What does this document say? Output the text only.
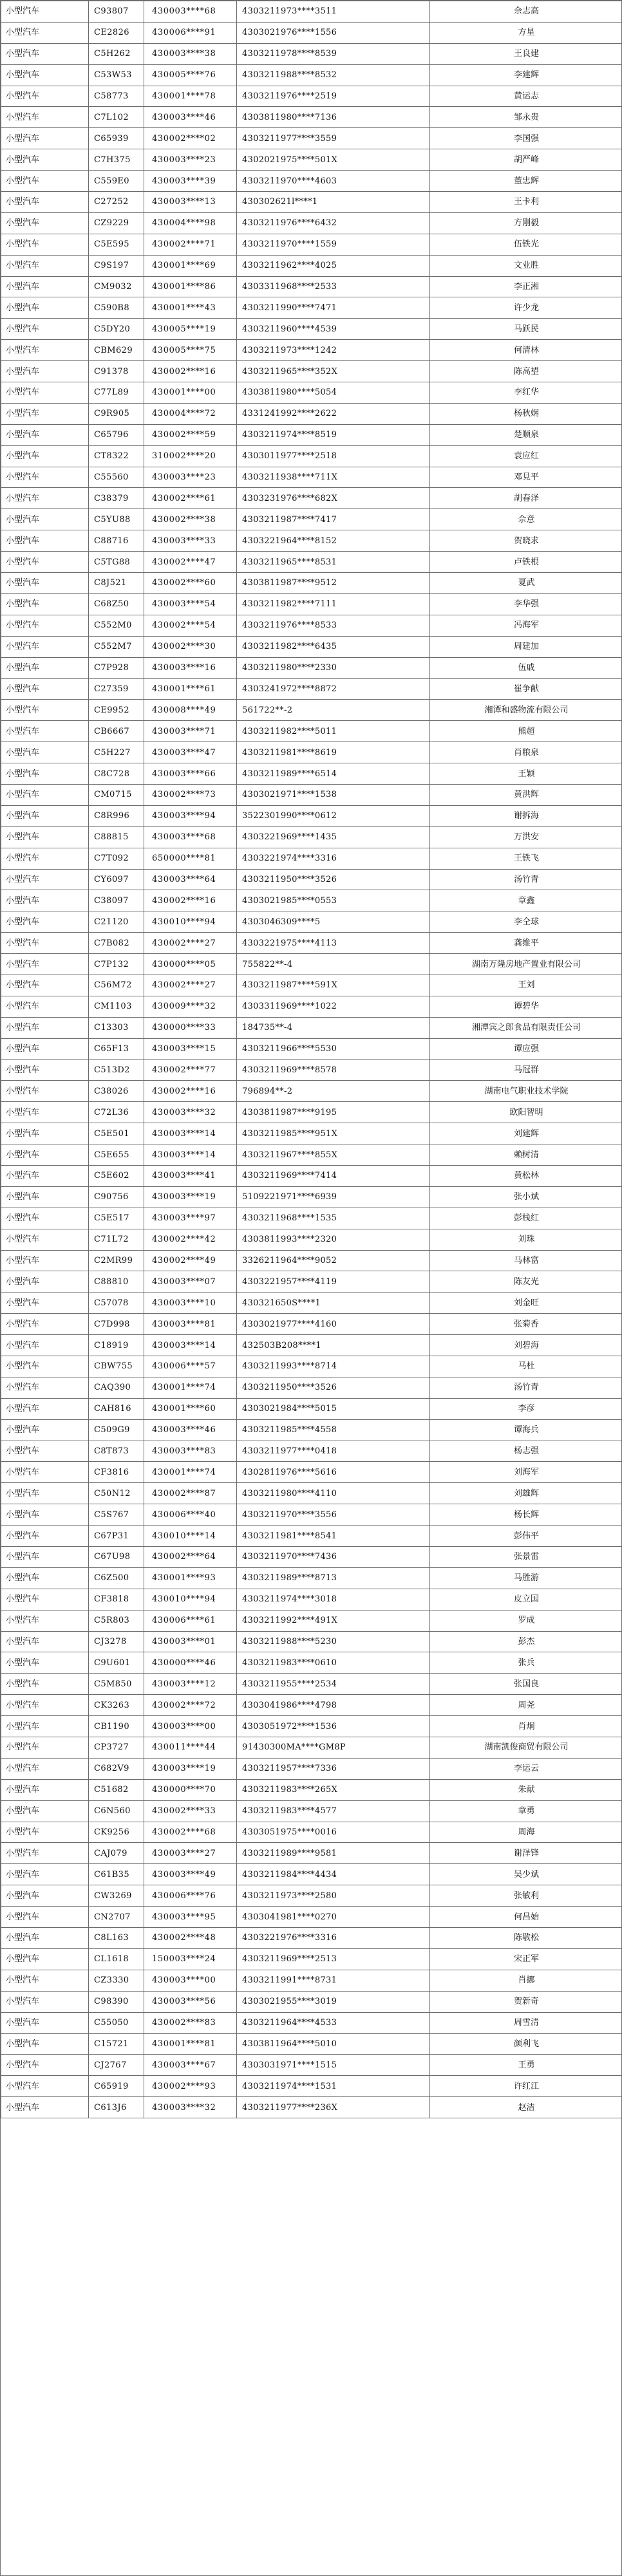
小型汽车	C93807	430003****68	4303211973****3511	佘志高
小型汽车	CE2826	430006****91	4303021976****1556	方星
小型汽车	C5H262	430003****38	4303211978****8539	王良建
小型汽车	C53W53	430005****76	4303211988****8532	李建辉
小型汽车	C58773	430001****78	4303211976****2519	黄运志
小型汽车	C7L102	430003****46	4303811980****7136	邹永贵
小型汽车	C65939	430002****02	4303211977****3559	李国强
小型汽车	C7H375	430003****23	4302021975****501X	胡严峰
小型汽车	C559E0	430003****39	4303211970****4603	董忠辉
小型汽车	C27252	430003****13	430302621l****1	王卡利
小型汽车	CZ9229	430004****98	4303211976****6432	方刚毅
小型汽车	C5E595	430002****71	4303211970****1559	伍铁光
小型汽车	C9S197	430001****69	4303211962****4025	文业胜
小型汽车	CM9032	430001****86	4303311968****2533	李正湘
小型汽车	C590B8	430001****43	4303211990****7471	许少龙
小型汽车	C5DY20	430005****19	4303211960****4539	马跃民
小型汽车	CBM629	430005****75	4303211973****1242	何清林
小型汽车	C91378	430002****16	4303211965****352X	陈高望
小型汽车	C77L89	430001****00	4303811980****5054	李红华
小型汽车	C9R905	430004****72	4331241992****2622	杨秋娴
小型汽车	C65796	430002****59	4303211974****8519	楚顺泉
小型汽车	CT8322	310002****20	4303011977****2518	袁应红
小型汽车	C55560	430003****23	4303211938****711X	邓見平
小型汽车	C38379	430002****61	4303231976****682X	胡春泽
小型汽车	C5YU88	430002****38	4303211987****7417	佘意
小型汽车	C88716	430003****33	4303221964****8152	贺晓求
小型汽车	C5TG88	430002****47	4303211965****8531	卢铁根
小型汽车	C8J521	430002****60	4303811987****9512	夏武
小型汽车	C68Z50	430003****54	4303211982****7111	李华强
小型汽车	C552M0	430002****54	4303211976****8533	冯海军
小型汽车	C552M7	430002****30	4303211982****6435	周建加
小型汽车	C7P928	430003****16	4303211980****2330	伍戚
小型汽车	C27359	430001****61	4303241972****8872	崔争献
小型汽车	CE9952	430008****49	561722**-2	湘潭和盛物流有限公司
小型汽车	CB6667	430003****71	4303211982****5011	熊超
小型汽车	C5H227	430003****47	4303211981****8619	肖粮泉
小型汽车	C8C728	430003****66	4303211989****6514	王颖
小型汽车	CM0715	430002****73	4303021971****1538	黄洪辉
小型汽车	C8R996	430003****94	3522301990****0612	谢拆海
小型汽车	C88815	430003****68	4303221969****1435	万洪安
小型汽车	C7T092	650000****81	4303221974****3316	王铁飞
小型汽车	CY6097	430003****64	4303211950****3526	汤竹青
小型汽车	C38097	430002****16	4303021985****0553	章鑫
小型汽车	C21120	430010****94	4303046309****5	李仝球
小型汽车	C7B082	430002****27	4303221975****4113	龚维平
小型汽车	C7P132	430000****05	755822**-4	湖南万隆房地产置业有限公司
小型汽车	C56M72	430002****27	4303211987****591X	王刘
小型汽车	CM1103	430009****32	4303311969****1022	谭碧华
小型汽车	C13303	430000****33	184735**-4	湘潭宾之郎食品有限责任公司
小型汽车	C65F13	430003****15	4303211966****5530	谭应强
小型汽车	C513D2	430002****77	4303211969****8578	马冠群
小型汽车	C38026	430002****16	796894**-2	湖南电气职业技术学院
小型汽车	C72L36	430003****32	4303811987****9195	欧阳智明
小型汽车	C5E501	430003****14	4303211985****951X	刘建辉
小型汽车	C5E655	430003****14	4303211967****855X	赖树清
小型汽车	C5E602	430003****41	4303211969****7414	黄松林
小型汽车	C90756	430003****19	5109221971****6939	张小斌
小型汽车	C5E517	430003****97	4303211968****1535	彭栈红
小型汽车	C71L72	430002****42	4303811993****2320	刘珠
小型汽车	C2MR99	430002****49	3326211964****9052	马林富
小型汽车	C88810	430003****07	4303221957****4119	陈友光
小型汽车	C57078	430003****10	430321650S****1	刘金旺
小型汽车	C7D998	430003****81	4303021977****4160	张菊香
小型汽车	C18919	430003****14	432503B208****1	刘碧海
小型汽车	CBW755	430006****57	4303211993****8714	马杜
小型汽车	CAQ390	430001****74	4303211950****3526	汤竹青
小型汽车	CAH816	430001****60	4303021984****5015	李彦
小型汽车	C509G9	430003****46	4303211985****4558	谭海兵
小型汽车	C8T873	430003****83	4303211977****0418	杨志强
小型汽车	CF3816	430001****74	4302811976****5616	刘海军
小型汽车	C50N12	430002****87	4303211980****4110	刘雄辉
小型汽车	C5S767	430006****40	4303211970****3556	杨长辉
小型汽车	C67P31	430010****14	4303211981****8541	彭伟平
小型汽车	C67U98	430002****64	4303211970****7436	张景雷
小型汽车	C6Z500	430001****93	4303211989****8713	马胜游
小型汽车	CF3818	430010****94	4303211974****3018	皮立国
小型汽车	C5R803	430006****61	4303211992****491X	罗成
小型汽车	CJ3278	430003****01	4303211988****5230	彭杰
小型汽车	C9U601	430000****46	4303211983****0610	张兵
小型汽车	C5M850	430003****12	4303211955****2534	张国良
小型汽车	CK3263	430002****72	4303041986****4798	周尧
小型汽车	CB1190	430003****00	4303051972****1536	肖炯
小型汽车	CP3727	430011****44	91430300MA****GM8P	湖南凯俊商贸有限公司
小型汽车	C682V9	430003****19	4303211957****7336	李运云
小型汽车	C51682	430000****70	4303211983****265X	朱献
小型汽车	C6N560	430002****33	4303211983****4577	章勇
小型汽车	CK9256	430002****68	4303051975****0016	周海
小型汽车	CAJ079	430003****27	4303211989****9581	谢泽锋
小型汽车	C61B35	430003****49	4303211984****4434	吴少斌
小型汽车	CW3269	430006****76	4303211973****2580	张敏利
小型汽车	CN2707	430003****95	4303041981****0270	何昌始
小型汽车	C8L163	430002****48	4303221976****3316	陈敬松
小型汽车	CL1618	150003****24	4303211969****2513	宋正军
小型汽车	CZ3330	430003****00	4303211991****8731	肖挪
小型汽车	C98390	430003****56	4303021955****3019	贺新奇
小型汽车	C55050	430002****83	4303211964****4533	周雪清
小型汽车	C15721	430001****81	4303811964****5010	颜利飞
小型汽车	CJ2767	430003****67	4303031971****1515	王勇
小型汽车	C65919	430002****93	4303211974****1531	许红江
小型汽车	C613J6	430003****32	4303211977****236X	赵洁
